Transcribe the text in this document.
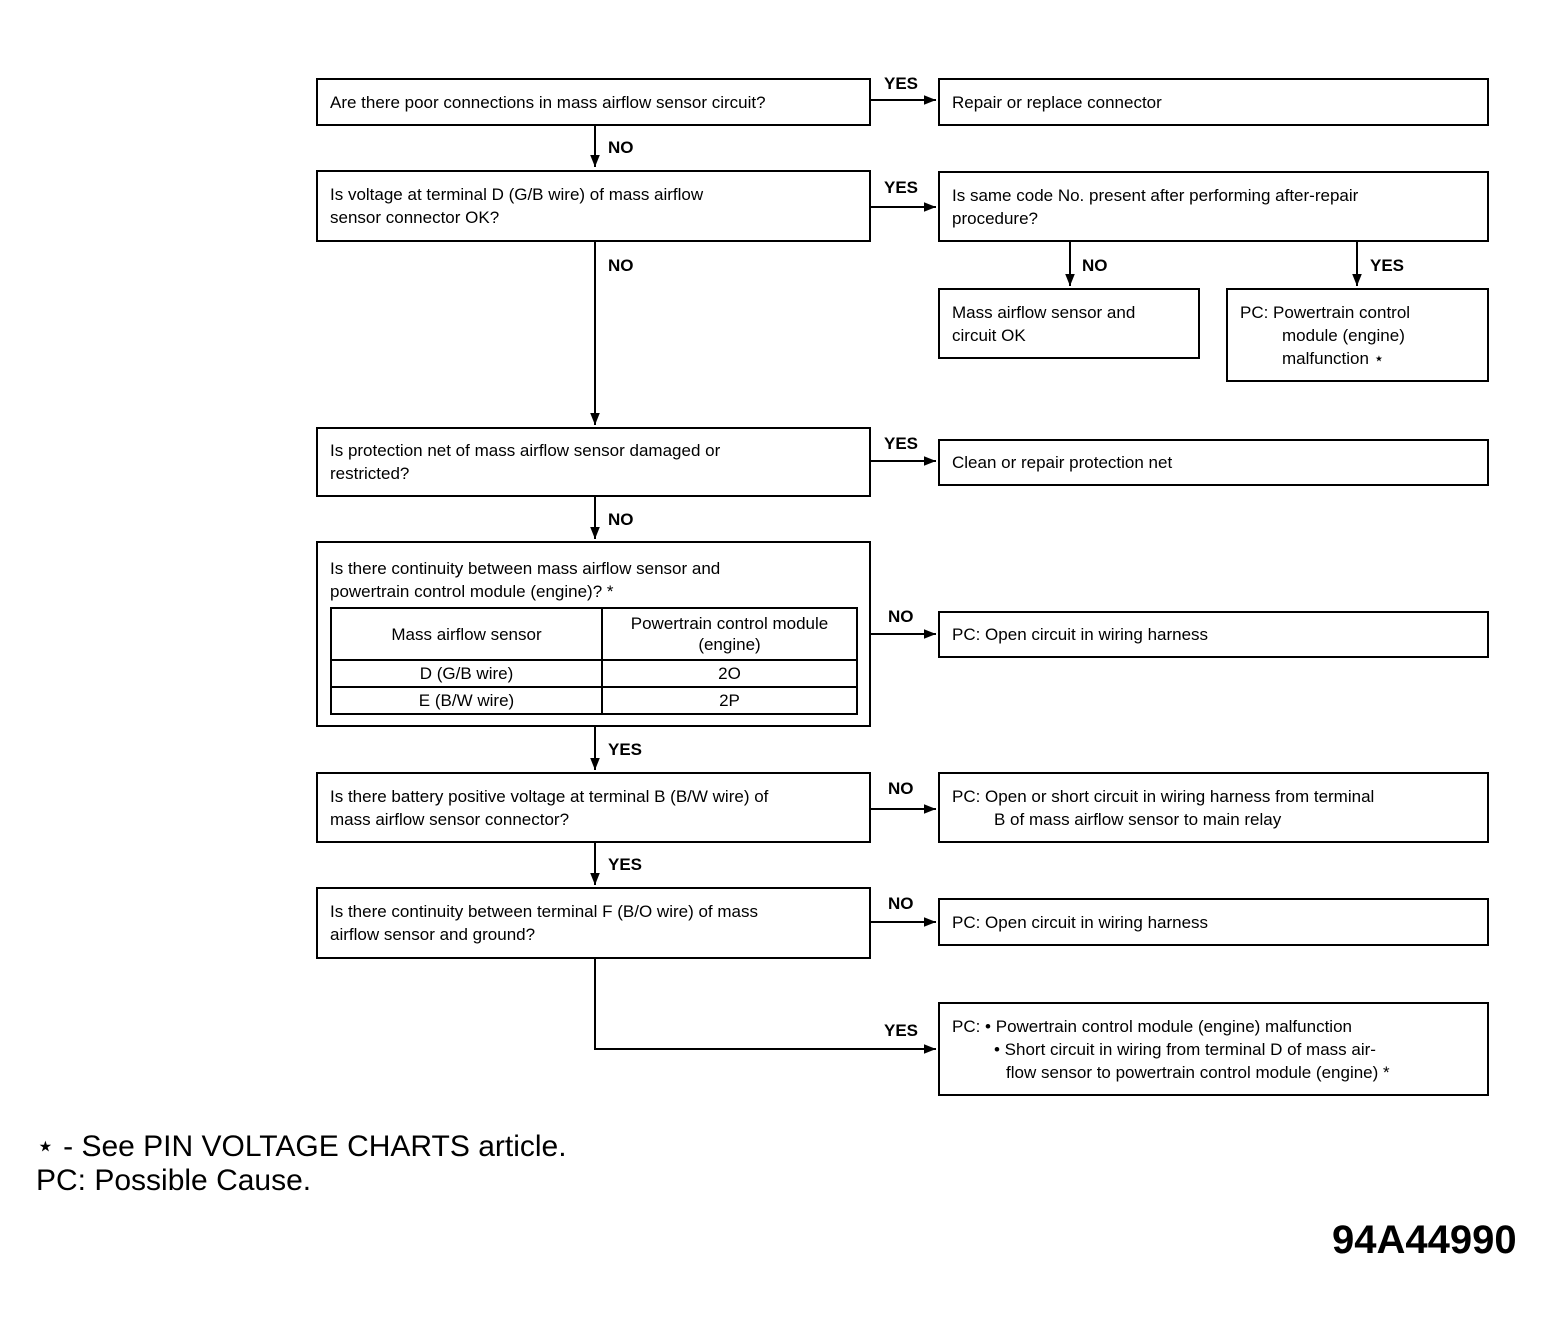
YES
NO
YES
NO	NO	YES
YES
NO
NO
YES
NO
YES
NO
YES
Are there poor connections in mass airflow sensor circuit?	Repair or replace connector
Is voltage at terminal D (G/B wire) of mass airflow
sensor connector OK?
Is same code No. present after performing after-repair
procedure?
Mass airflow sensor and
circuit OK
PC: Powertrain control
module (engine)
malfunction ⋆
Is protection net of mass airflow sensor damaged or
restricted?
Clean or repair protection net
Is there continuity between mass airflow sensor and
powertrain control module (engine)? *
Mass airflow sensor	Powertrain control module (engine)

D (G/B wire)	2O
E (B/W wire)	2P
PC: Open circuit in wiring harness
Is there battery positive voltage at terminal B (B/W wire) of
mass airflow sensor connector?
PC: Open or short circuit in wiring harness from terminal
B of mass airflow sensor to main relay
Is there continuity between terminal F (B/O wire) of mass
airflow sensor and ground?
PC: Open circuit in wiring harness
PC: • Powertrain control module (engine) malfunction
• Short circuit in wiring from terminal D of mass air-
flow sensor to powertrain control module (engine) *
⋆ - See PIN VOLTAGE CHARTS article.
PC: Possible Cause.
94A44990
